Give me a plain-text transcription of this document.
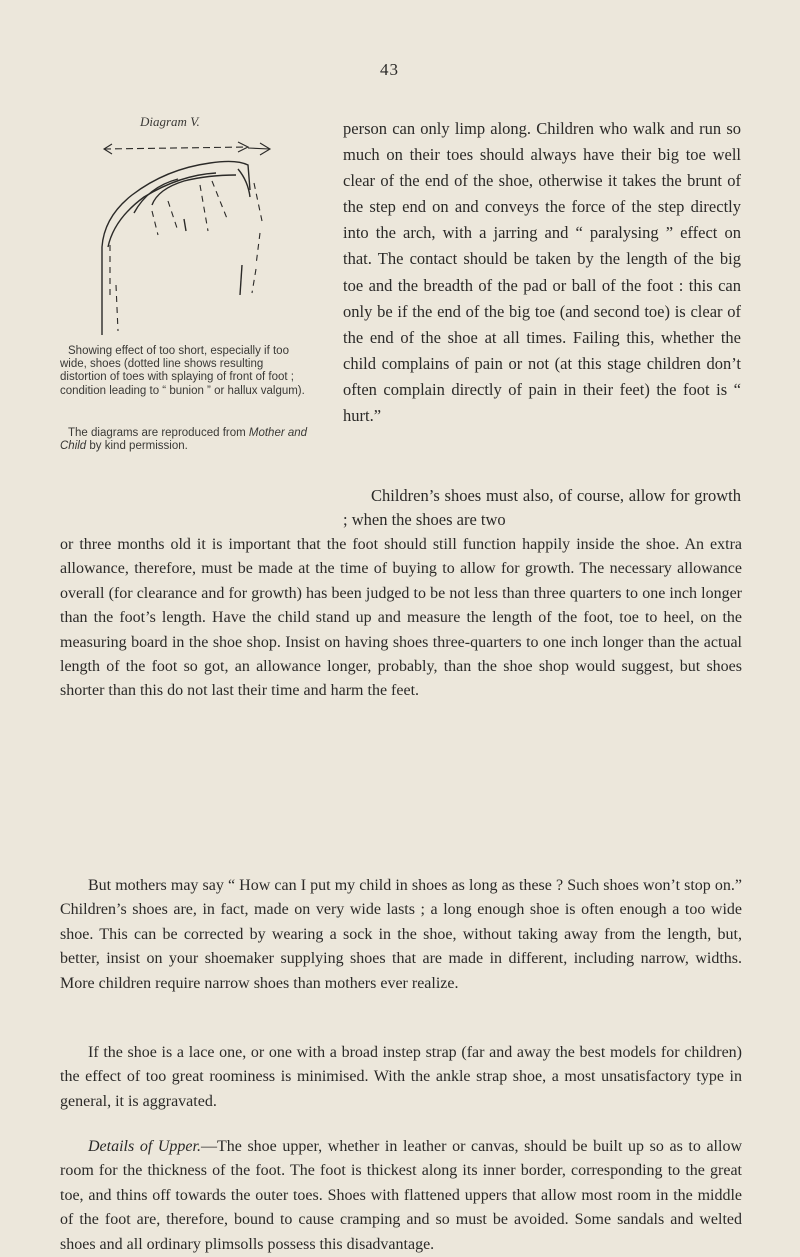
43
Diagram V.
Showing effect of too short, especially if too wide, shoes (dotted line shows resulting distortion of toes with splaying of front of foot ; condition leading to “ bunion ” or hallux valgum).
The diagrams are reproduced from Mother and Child by kind permission.
person can only limp along. Children who walk and run so much on their toes should always have their big toe well clear of the end of the shoe, otherwise it takes the brunt of the step end on and conveys the force of the step directly into the arch, with a jarring and “ paralysing ” effect on that. The contact should be taken by the length of the big toe and the breadth of the pad or ball of the foot : this can only be if the end of the big toe (and second toe) is clear of the end of the shoe at all times. Failing this, whether the child complains of pain or not (at this stage children don’t often complain directly of pain in their feet) the foot is “ hurt.”
Children’s shoes must also, of course, allow for growth ; when the shoes are two
or three months old it is important that the foot should still function happily inside the shoe. An extra allowance, therefore, must be made at the time of buying to allow for growth. The necessary allowance overall (for clearance and for growth) has been judged to be not less than three quarters to one inch longer than the foot’s length. Have the child stand up and measure the length of the foot, toe to heel, on the measuring board in the shoe shop. Insist on having shoes three-quarters to one inch longer than the actual length of the foot so got, an allowance longer, probably, than the shoe shop would suggest, but shoes shorter than this do not last their time and harm the feet.
But mothers may say “ How can I put my child in shoes as long as these ? Such shoes won’t stop on.” Children’s shoes are, in fact, made on very wide lasts ; a long enough shoe is often enough a too wide shoe. This can be corrected by wearing a sock in the shoe, without taking away from the length, but, better, insist on your shoemaker supplying shoes that are made in different, including narrow, widths. More children require narrow shoes than mothers ever realize.
If the shoe is a lace one, or one with a broad instep strap (far and away the best models for children) the effect of too great roominess is minimised. With the ankle strap shoe, a most unsatisfactory type in general, it is aggravated.
Details of Upper.—The shoe upper, whether in leather or canvas, should be built up so as to allow room for the thickness of the foot. The foot is thickest along its inner border, corresponding to the great toe, and thins off towards the outer toes. Shoes with flattened uppers that allow most room in the middle of the foot are, therefore, bound to cause cramping and so must be avoided. Some sandals and welted shoes and all ordinary plimsolls possess this disadvantage.
